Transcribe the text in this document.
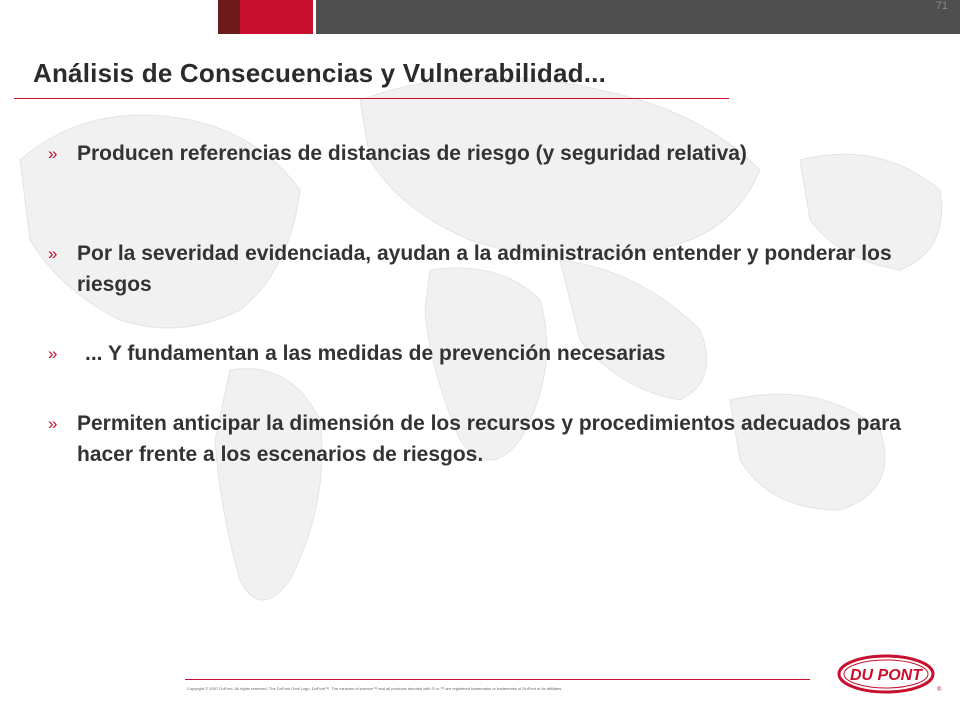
71
Análisis de Consecuencias y Vulnerabilidad...
» Producen referencias de distancias de riesgo (y seguridad relativa)
» Por la severidad evidenciada, ayudan a la administración entender y ponderar los riesgos
»	... Y fundamentan a las medidas de prevención necesarias
» Permiten anticipar la dimensión de los recursos y procedimientos adecuados para hacer frente a los escenarios de riesgos.
Copyright © 2007 DuPont. All rights reserved. The DuPont Oval Logo, DuPont™, The miracles of science™ and all products denoted with ® or ™ are registered trademarks or trademarks of DuPont or its affiliates.
DU PONT
®
